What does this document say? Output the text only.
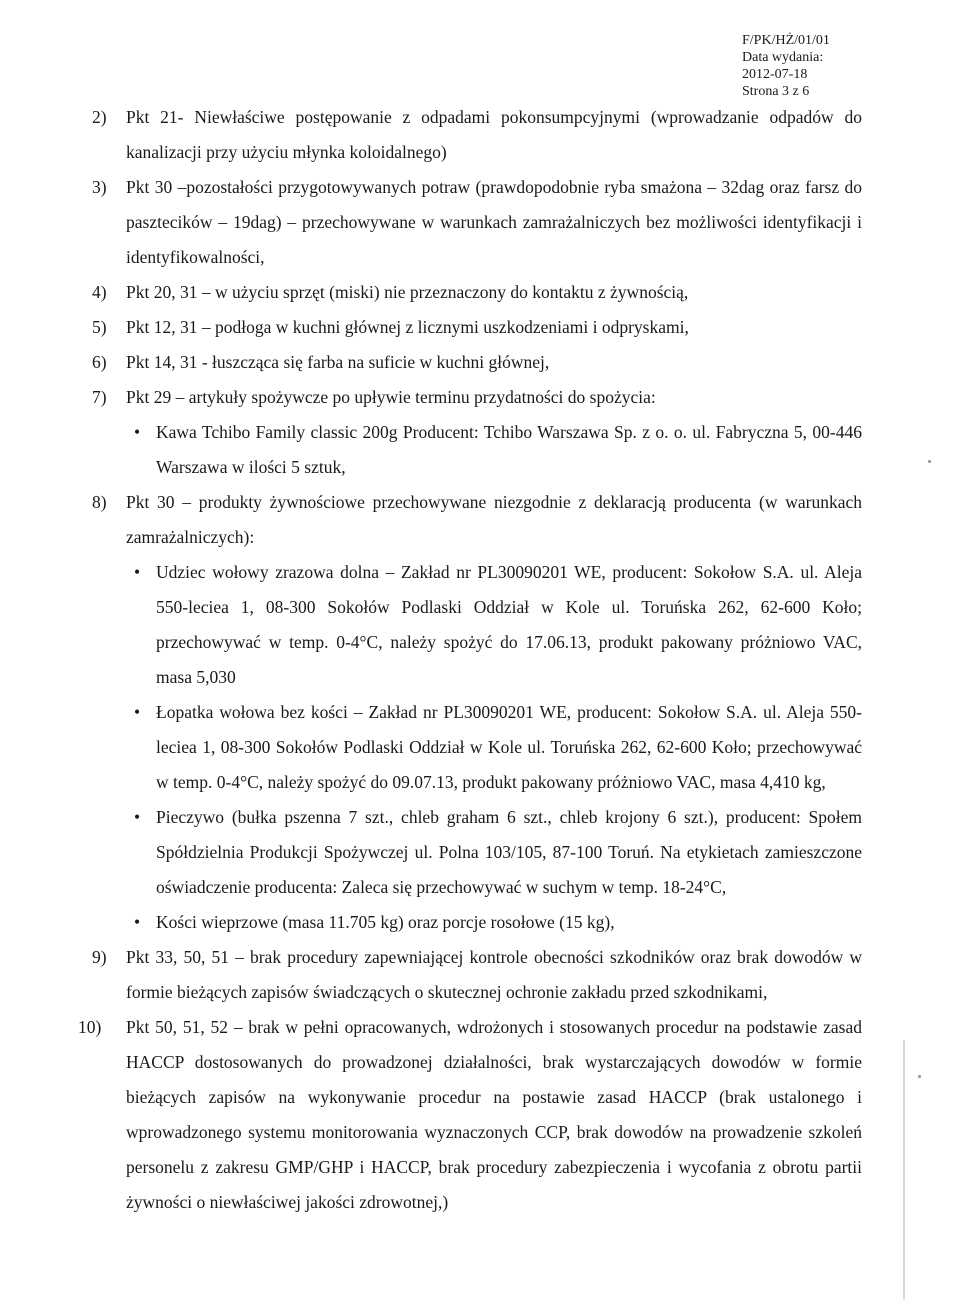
F/PK/HŻ/01/01
Data wydania:
2012-07-18
Strona 3 z 6
2) Pkt 21- Niewłaściwe postępowanie z odpadami pokonsumpcyjnymi (wprowadzanie odpadów do kanalizacji przy użyciu młynka koloidalnego)
3) Pkt 30 –pozostałości przygotowywanych potraw (prawdopodobnie ryba smażona – 32dag oraz farsz do pasztecików – 19dag) – przechowywane w warunkach zamrażalniczych bez możliwości identyfikacji i identyfikowalności,
4) Pkt 20, 31 – w użyciu sprzęt (miski) nie przeznaczony do kontaktu z żywnością,
5) Pkt 12, 31 – podłoga w kuchni głównej z licznymi uszkodzeniami i odpryskami,
6) Pkt 14, 31 - łuszcząca się farba na suficie w kuchni głównej,
7) Pkt 29 – artykuły spożywcze po upływie terminu przydatności do spożycia:
• Kawa Tchibo Family classic 200g Producent: Tchibo Warszawa Sp. z o. o. ul. Fabryczna 5, 00-446 Warszawa w ilości 5 sztuk,
8) Pkt 30 – produkty żywnościowe przechowywane niezgodnie z deklaracją producenta (w warunkach zamrażalniczych):
• Udziec wołowy zrazowa dolna – Zakład nr PL30090201 WE, producent: Sokołow S.A. ul. Aleja 550-leciea 1, 08-300 Sokołów Podlaski Oddział w Kole ul. Toruńska 262, 62-600 Koło; przechowywać w temp. 0-4°C, należy spożyć do 17.06.13, produkt pakowany próżniowo VAC, masa 5,030
• Łopatka wołowa bez kości – Zakład nr PL30090201 WE, producent: Sokołow S.A. ul. Aleja 550-leciea 1, 08-300 Sokołów Podlaski Oddział w Kole ul. Toruńska 262, 62-600 Koło; przechowywać w temp. 0-4°C, należy spożyć do 09.07.13, produkt pakowany próżniowo VAC, masa 4,410 kg,
• Pieczywo (bułka pszenna 7 szt., chleb graham 6 szt., chleb krojony 6 szt.), producent: Społem Spółdzielnia Produkcji Spożywczej ul. Polna 103/105, 87-100 Toruń. Na etykietach zamieszczone oświadczenie producenta: Zaleca się przechowywać w suchym w temp. 18-24°C,
• Kości wieprzowe (masa 11.705 kg) oraz porcje rosołowe (15 kg),
9) Pkt 33, 50, 51 – brak procedury zapewniającej kontrole obecności szkodników oraz brak dowodów w formie bieżących zapisów świadczących o skutecznej ochronie zakładu przed szkodnikami,
10) Pkt 50, 51, 52 – brak w pełni opracowanych, wdrożonych i stosowanych procedur na podstawie zasad HACCP dostosowanych do prowadzonej działalności, brak wystarczających dowodów w formie bieżących zapisów na wykonywanie procedur na postawie zasad HACCP (brak ustalonego i wprowadzonego systemu monitorowania wyznaczonych CCP, brak dowodów na prowadzenie szkoleń personelu z zakresu GMP/GHP i HACCP, brak procedury zabezpieczenia i wycofania z obrotu partii żywności o niewłaściwej jakości zdrowotnej,)
